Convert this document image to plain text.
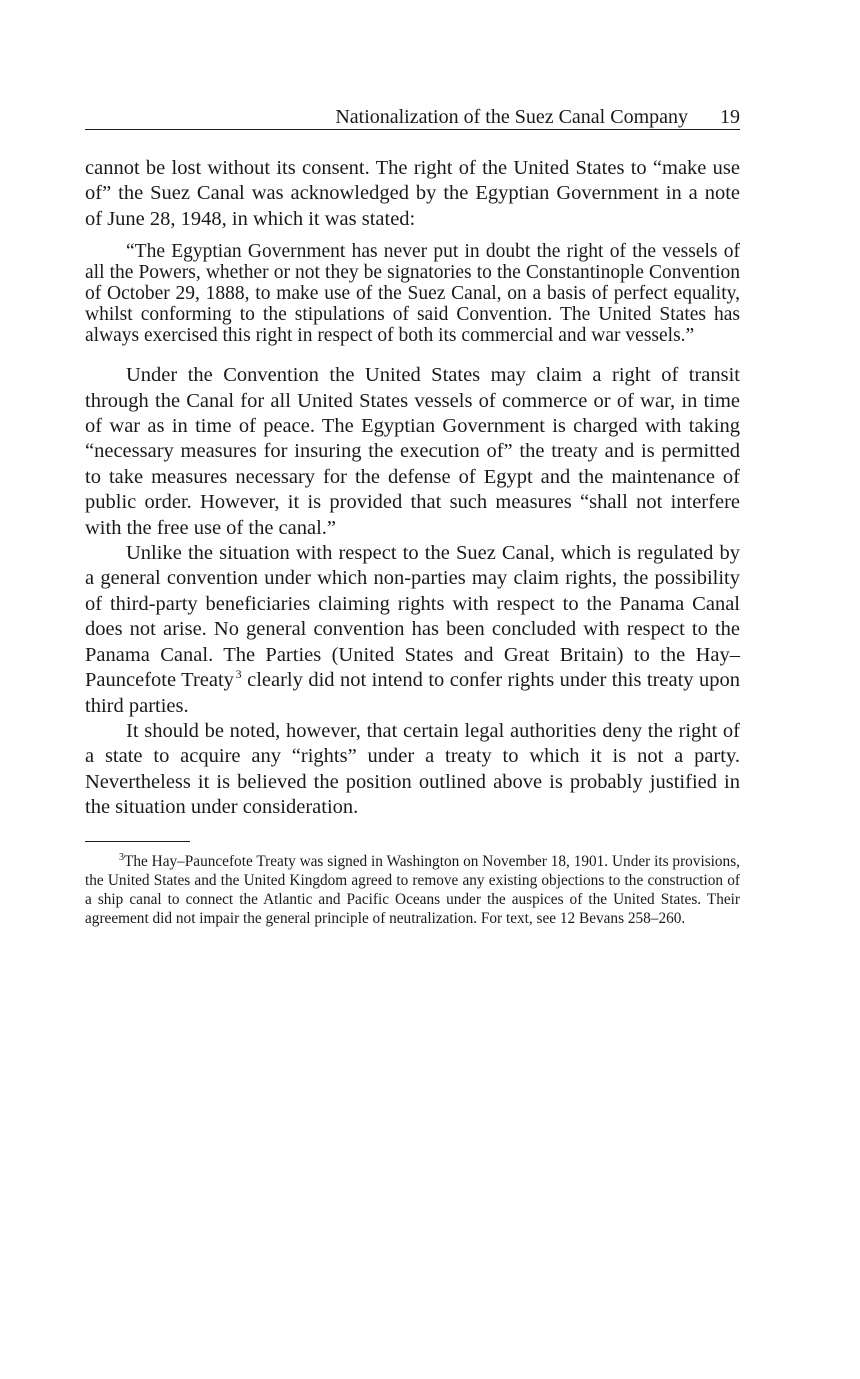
Nationalization of the Suez Canal Company 19

cannot be lost without its consent. The right of the United States to “make use of” the Suez Canal was acknowledged by the Egyptian Government in a note of June 28, 1948, in which it was stated:

“The Egyptian Government has never put in doubt the right of the vessels of all the Powers, whether or not they be signatories to the Constantinople Convention of October 29, 1888, to make use of the Suez Canal, on a basis of perfect equality, whilst conforming to the stipulations of said Convention. The United States has always exercised this right in respect of both its commercial and war vessels.”

Under the Convention the United States may claim a right of transit through the Canal for all United States vessels of commerce or of war, in time of war as in time of peace. The Egyptian Government is charged with taking “necessary measures for insuring the execution of” the treaty and is permitted to take measures necessary for the defense of Egypt and the maintenance of public order. However, it is provided that such measures “shall not interfere with the free use of the canal.”

Unlike the situation with respect to the Suez Canal, which is regulated by a general convention under which non-parties may claim rights, the possibility of third-party beneficiaries claiming rights with respect to the Panama Canal does not arise. No general convention has been concluded with respect to the Panama Canal. The Parties (United States and Great Britain) to the Hay–Pauncefote Treaty  $^3$ clearly did not intend to confer rights under this treaty upon third parties.

It should be noted, however, that certain legal authorities deny the right of a state to acquire any “rights” under a treaty to which it is not a party. Nevertheless it is believed the position outlined above is probably justified in the situation under consideration.

$^3$The Hay–Pauncefote Treaty was signed in Washington on November 18, 1901. Under its provisions, the United States and the United Kingdom agreed to remove any existing objections to the construction of a ship canal to connect the Atlantic and Pacific Oceans under the auspices of the United States. Their agreement did not impair the general principle of neutralization. For text, see 12 Bevans 258–260.
